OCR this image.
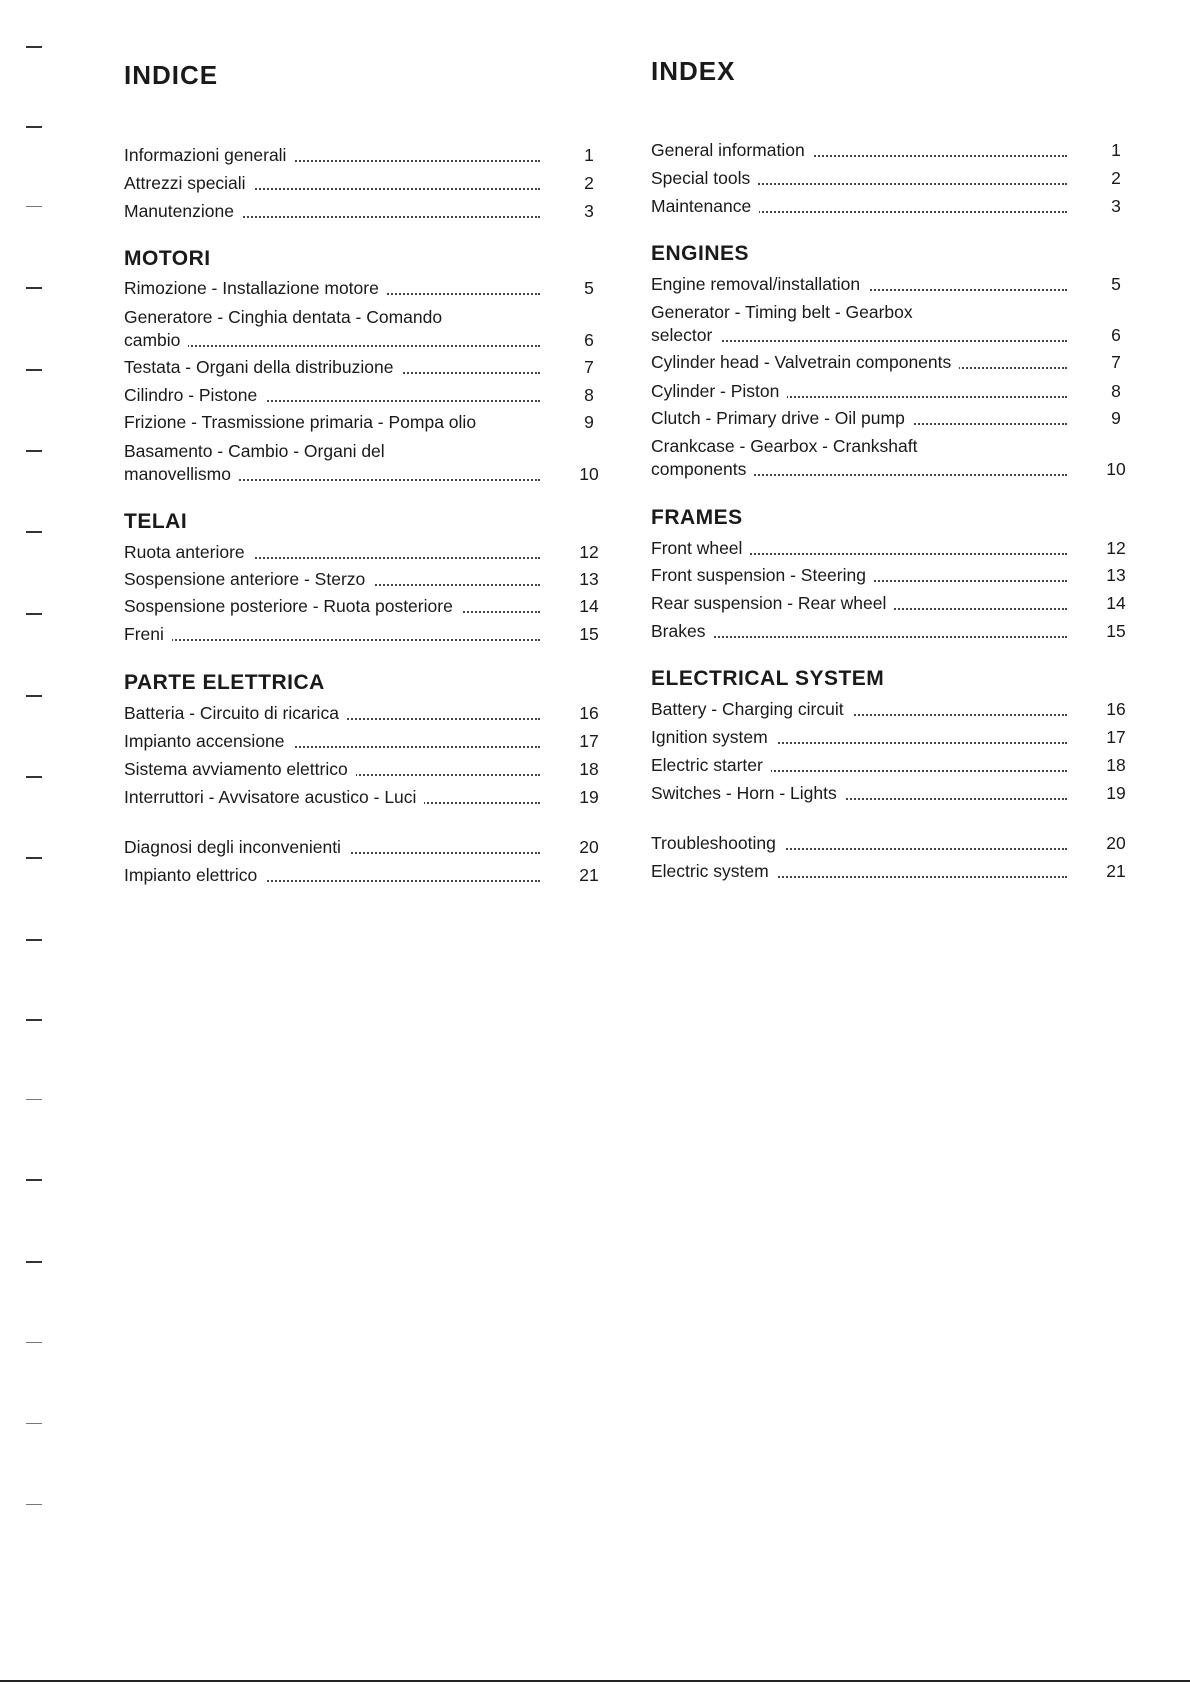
INDICE
Informazioni generali	1
Attrezzi speciali	2
Manutenzione	3
MOTORI
Rimozione - Installazione motore	5
Generatore - Cinghia dentata - Comando
cambio	6
Testata - Organi della distribuzione	7
Cilindro - Pistone	8
Frizione - Trasmissione primaria - Pompa olio	9
Basamento - Cambio - Organi del
manovellismo	10
TELAI
Ruota anteriore	12
Sospensione anteriore - Sterzo	13
Sospensione posteriore - Ruota posteriore	14
Freni	15
PARTE ELETTRICA
Batteria - Circuito di ricarica	16
Impianto accensione	17
Sistema avviamento elettrico	18
Interruttori - Avvisatore acustico - Luci	19
Diagnosi degli inconvenienti	20
Impianto elettrico	21
INDEX
General information	1
Special tools	2
Maintenance	3
ENGINES
Engine removal/installation	5
Generator - Timing belt - Gearbox
selector	6
Cylinder head - Valvetrain components	7
Cylinder - Piston	8
Clutch - Primary drive - Oil pump	9
Crankcase - Gearbox - Crankshaft
components	10
FRAMES
Front wheel	12
Front suspension - Steering	13
Rear suspension - Rear wheel	14
Brakes	15
ELECTRICAL SYSTEM
Battery - Charging circuit	16
Ignition system	17
Electric starter	18
Switches - Horn - Lights	19
Troubleshooting	20
Electric system	21
